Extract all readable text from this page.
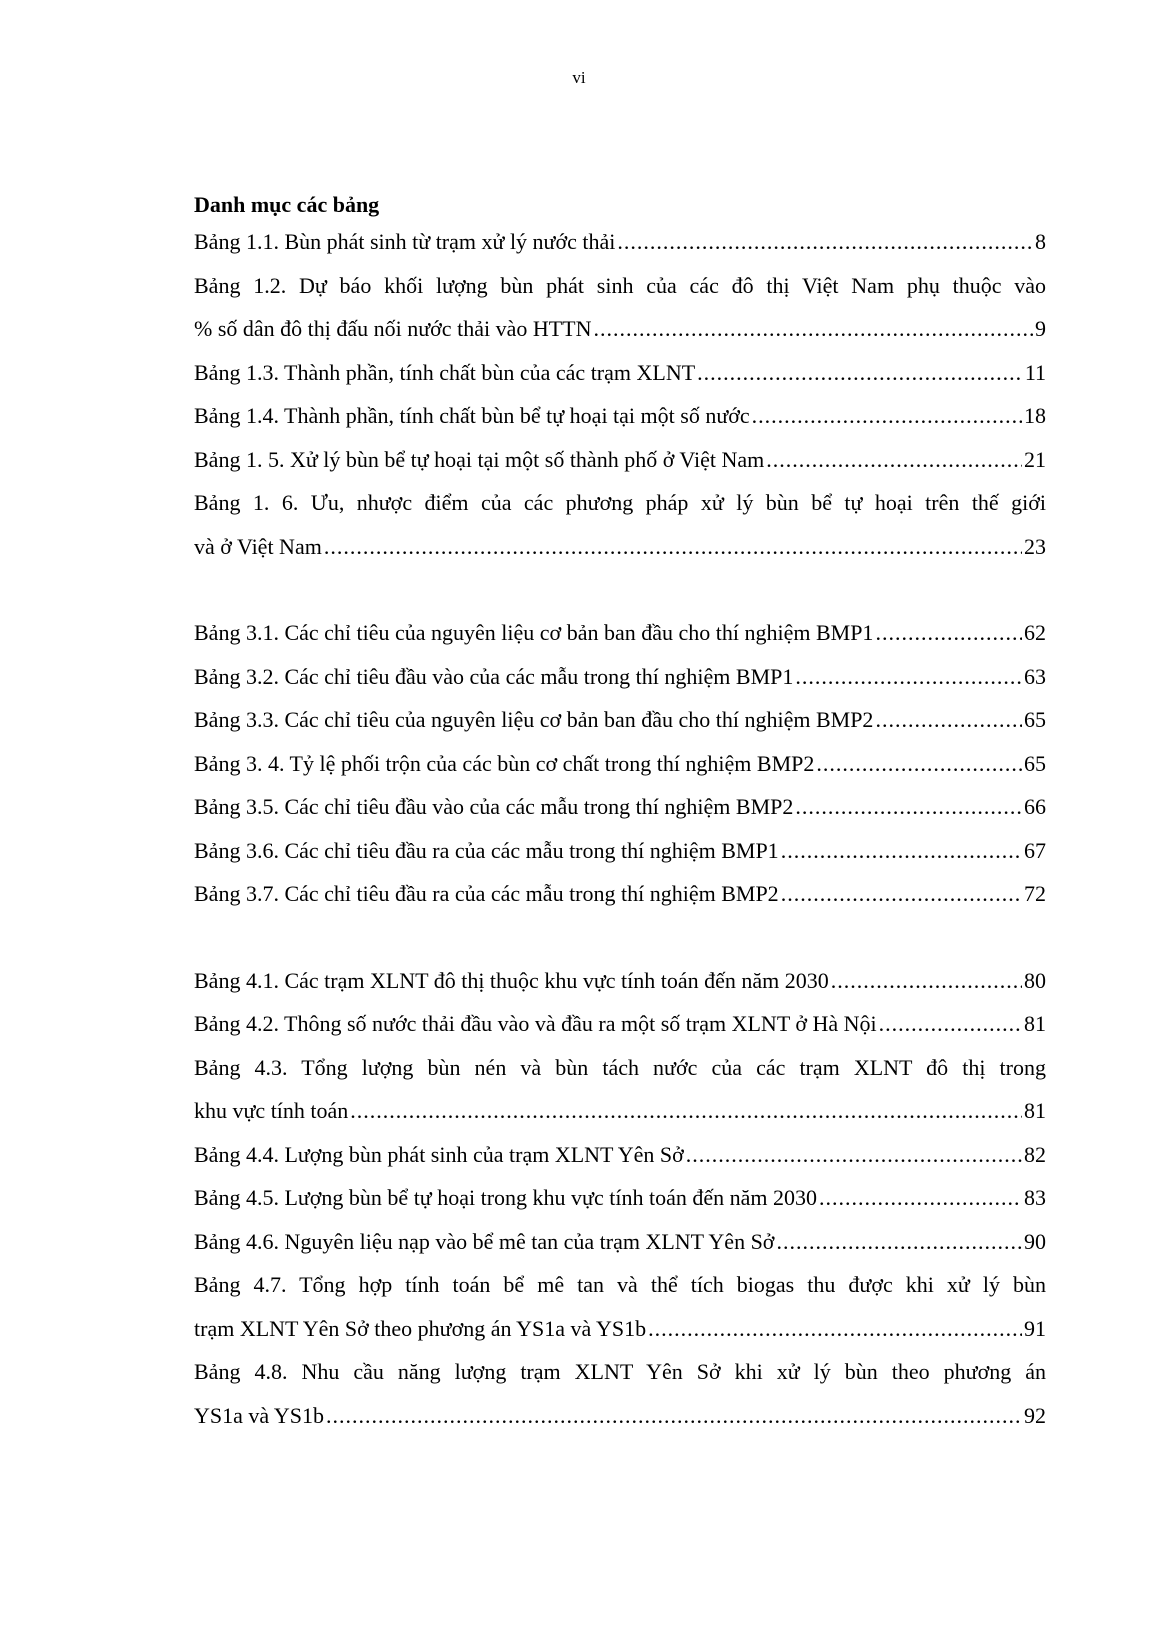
vi
Danh mục các bảng
Bảng 1.1. Bùn phát sinh từ trạm xử lý nước thải .....	8
Bảng 1.2. Dự báo khối lượng bùn phát sinh của các đô thị Việt Nam phụ thuộc vào
% số dân đô thị đấu nối nước thải vào HTTN .....	9
Bảng 1.3. Thành phần, tính chất bùn của các trạm XLNT .....	11
Bảng 1.4. Thành phần, tính chất bùn bể tự hoại tại một số nước .....	18
Bảng 1. 5. Xử lý bùn bể tự hoại tại một số thành phố ở Việt Nam .....	21
Bảng 1. 6. Ưu, nhược điểm của các phương pháp xử lý bùn bể tự hoại trên thế giới
và ở Việt Nam .....	23
Bảng 3.1. Các chỉ tiêu của nguyên liệu cơ bản ban đầu cho thí nghiệm BMP1 .....	62
Bảng 3.2. Các chỉ tiêu đầu vào của các mẫu trong thí nghiệm BMP1 .....	63
Bảng 3.3. Các chỉ tiêu của nguyên liệu cơ bản ban đầu cho thí nghiệm BMP2 .....	65
Bảng 3. 4. Tỷ lệ phối trộn của các bùn cơ chất trong thí nghiệm BMP2 .....	65
Bảng 3.5. Các chỉ tiêu đầu vào của các mẫu trong thí nghiệm BMP2 .....	66
Bảng 3.6. Các chỉ tiêu đầu ra của các mẫu trong thí nghiệm BMP1 .....	67
Bảng 3.7. Các chỉ tiêu đầu ra của các mẫu trong thí nghiệm BMP2 .....	72
Bảng 4.1. Các trạm XLNT đô thị thuộc khu vực tính toán đến năm 2030 .....	80
Bảng 4.2. Thông số nước thải đầu vào và đầu ra một số trạm XLNT ở Hà Nội .....	81
Bảng 4.3. Tổng lượng bùn nén và bùn tách nước của các trạm XLNT đô thị trong
khu vực tính toán .....	81
Bảng 4.4. Lượng bùn phát sinh của trạm XLNT Yên Sở .....	82
Bảng 4.5. Lượng bùn bể tự hoại trong khu vực tính toán đến năm 2030 .....	83
Bảng 4.6. Nguyên liệu nạp vào bể mê tan của trạm XLNT Yên Sở .....	90
Bảng 4.7. Tổng hợp tính toán bể mê tan và thể tích biogas thu được khi xử lý bùn
trạm XLNT Yên Sở theo phương án YS1a và YS1b .....	91
Bảng 4.8. Nhu cầu năng lượng trạm XLNT Yên Sở khi xử lý bùn theo phương án
YS1a và YS1b .....	92
